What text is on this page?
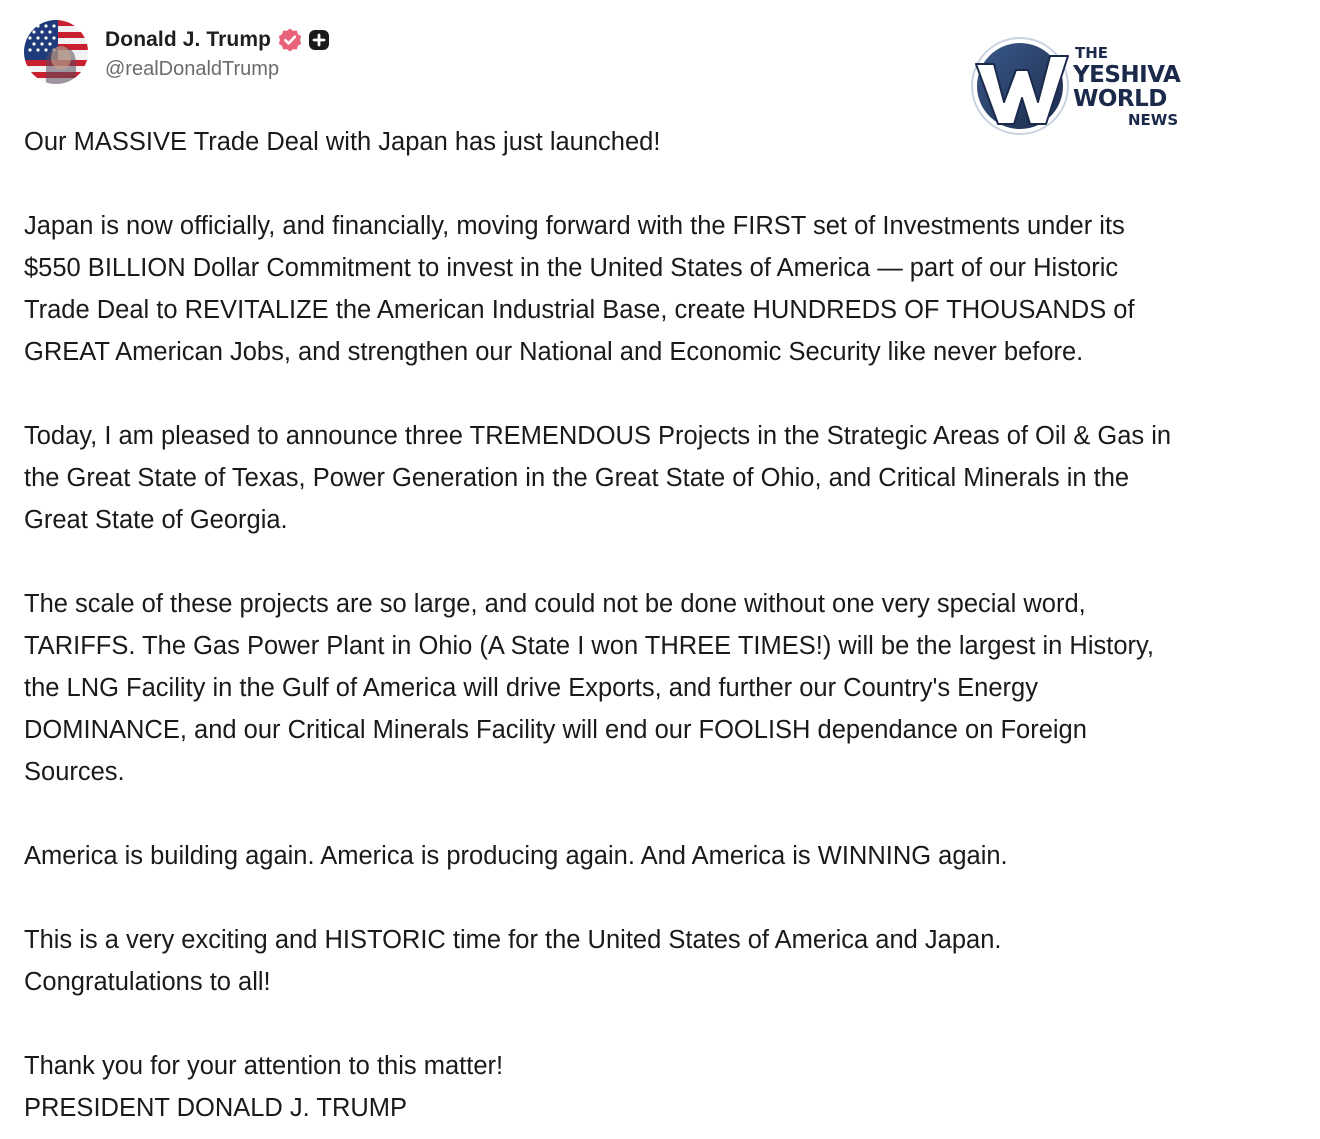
Donald J. Trump
@realDonaldTrump
THE
YESHIVA
WORLD
NEWS

Our MASSIVE Trade Deal with Japan has just launched!

Japan is now officially, and financially, moving forward with the FIRST set of Investments under its
$550 BILLION Dollar Commitment to invest in the United States of America — part of our Historic
Trade Deal to REVITALIZE the American Industrial Base, create HUNDREDS OF THOUSANDS of
GREAT American Jobs, and strengthen our National and Economic Security like never before.

Today, I am pleased to announce three TREMENDOUS Projects in the Strategic Areas of Oil & Gas in
the Great State of Texas, Power Generation in the Great State of Ohio, and Critical Minerals in the
Great State of Georgia.

The scale of these projects are so large, and could not be done without one very special word,
TARIFFS. The Gas Power Plant in Ohio (A State I won THREE TIMES!) will be the largest in History,
the LNG Facility in the Gulf of America will drive Exports, and further our Country's Energy
DOMINANCE, and our Critical Minerals Facility will end our FOOLISH dependance on Foreign
Sources.

America is building again. America is producing again. And America is WINNING again.

This is a very exciting and HISTORIC time for the United States of America and Japan.
Congratulations to all!

Thank you for your attention to this matter!
PRESIDENT DONALD J. TRUMP
